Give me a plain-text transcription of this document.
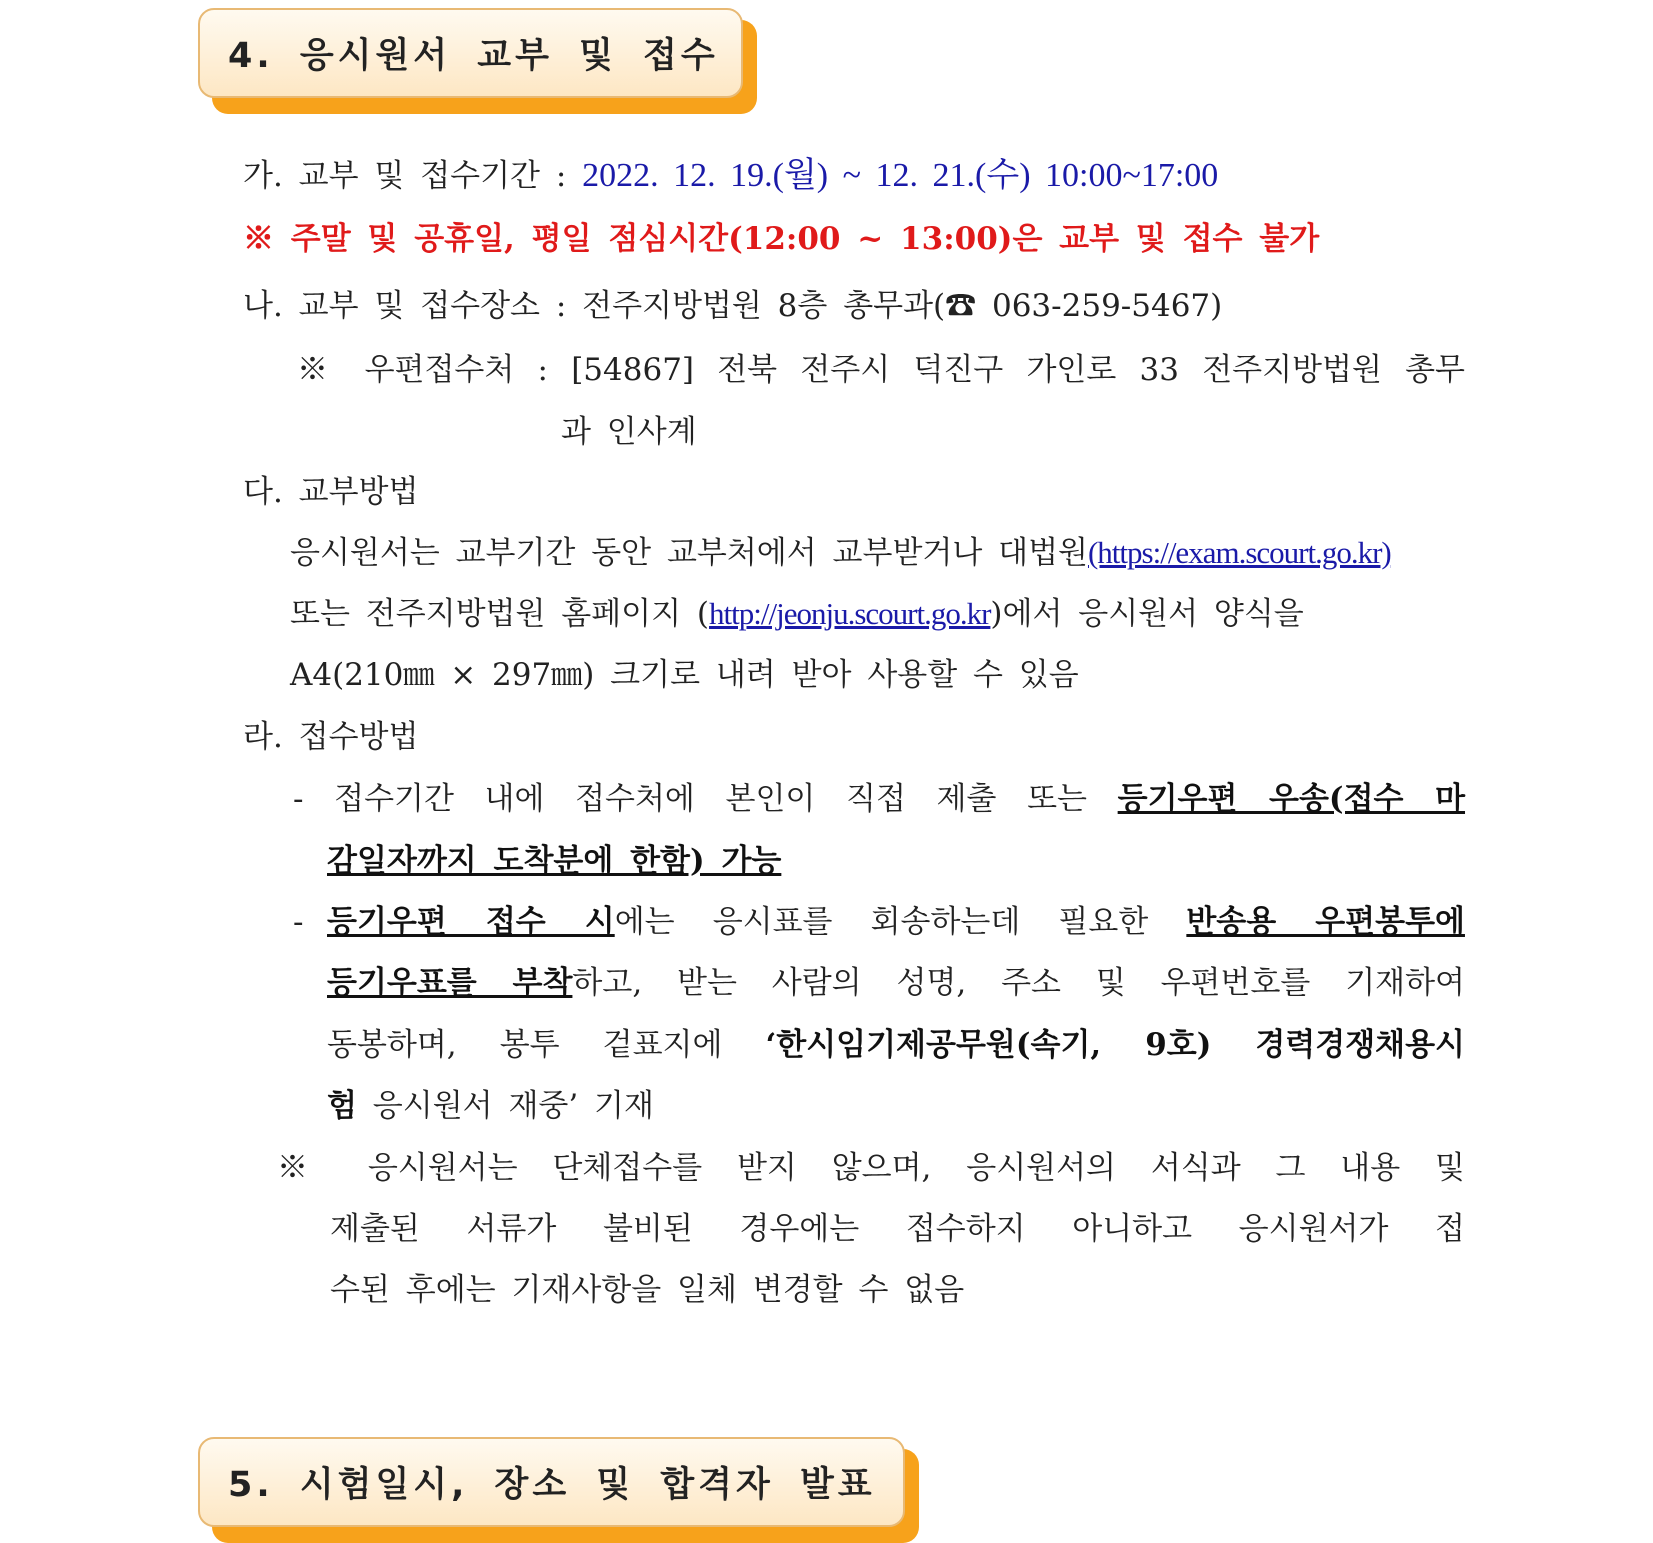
4. 응시원서 교부 및 접수
가. 교부 및 접수기간 : 2022. 12. 19.(월) ~ 12. 21.(수) 10:00~17:00
※ 주말 및 공휴일, 평일 점심시간(12:00 ~ 13:00)은 교부 및 접수 불가
나. 교부 및 접수장소 : 전주지방법원 8층 총무과(☎ 063-259-5467)
※ 우편접수처 : [54867] 전북 전주시 덕진구 가인로 33 전주지방법원 총무
과 인사계
다. 교부방법
응시원서는 교부기간 동안 교부처에서 교부받거나 대법원(https://exam.scourt.go.kr)
또는 전주지방법원 홈페이지 (http://jeonju.scourt.go.kr)에서 응시원서 양식을
A4(210㎜ × 297㎜) 크기로 내려 받아 사용할 수 있음
라. 접수방법
- 접수기간 내에 접수처에 본인이 직접 제출 또는 등기우편 우송(접수 마
감일자까지 도착분에 한함) 가능
- 등기우편 접수 시에는 응시표를 회송하는데 필요한 반송용 우편봉투에
등기우표를 부착하고, 받는 사람의 성명, 주소 및 우편번호를 기재하여
동봉하며, 봉투 겉표지에 ‘한시임기제공무원(속기, 9호) 경력경쟁채용시
험 응시원서 재중’ 기재
※ 응시원서는 단체접수를 받지 않으며, 응시원서의 서식과 그 내용 및
제출된 서류가 불비된 경우에는 접수하지 아니하고 응시원서가 접
수된 후에는 기재사항을 일체 변경할 수 없음
5. 시험일시, 장소 및 합격자 발표
